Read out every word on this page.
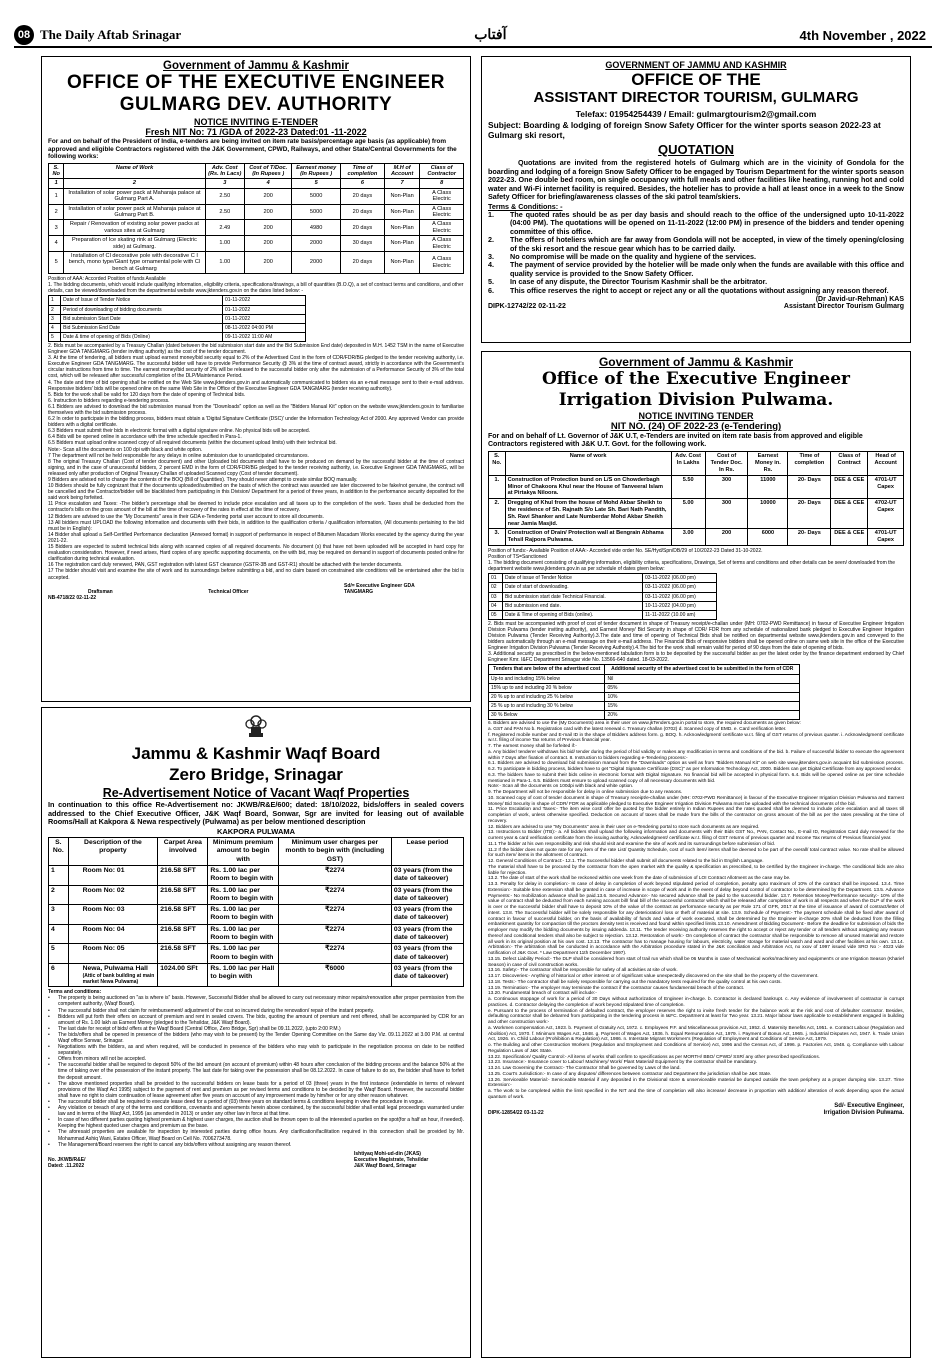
08 The Daily Aftab Srinagar	آفتاب	4th November , 2022
Government of Jammu & Kashmir
OFFICE OF THE EXECUTIVE ENGINEER
GULMARG DEV. AUTHORITY
NOTICE INVITING E-TENDER
Fresh NIT No: 71 /GDA of 2022-23 Dated:01 -11-2022
For and on behalf of the President of India, e-tenders are being invited on item rate basis/percentage age basis (as applicable) from approved and eligible Contractors registered with the J&K Government, CPWD, Railways, and other State/Central Governments for the following works:
S. No	Name of Work	Adv. Cost (Rs. In Lacs)	Cost of T/Doc. (In Rupees )	Earnest money (In Rupees )	Time of completion	M.H of Account	Class of Contractor
1	2	3	4	5	6	7	8
1	Installation of solar power pack at Maharaja palace at Gulmarg Part A.	2.50	200	5000	20 days	Non-Plan	A Class Electric
2	Installation of solar power pack at Maharaja palace at Gulmarg Part B.	2.50	200	5000	20 days	Non-Plan	A Class Electric
3	Repair / Renovation of existing solar power packs at various sites at Gulmarg	2.49	200	4980	20 days	Non-Plan	A Class Electric
4	Preparation of Ice skating rink at Gulmarg (Electric side) at Gulmarg.	1.00	200	2000	30 days	Non-Plan	A Class Electric
5	Installation of Cl decorative pole with decorative C I bench, mono type/Giant type ornamental pole with Cl bench at Gulmarg	1.00	200	2000	20 days	Non-Plan	A Class Electric
Position of AAA: Accorded Position of funds Available
1. The bidding documents, which would include qualifying information, eligibility criteria, specifications/drawings, a bill of quantities (B.O.Q), a set of contract terms and conditions, and other details, can be viewed/downloaded from the departmental website www.jktenders.gov.in on the dates listed below: -
1	Date of Issue of Tender Notice	01-11-2022
2	Period of downloading of bidding documents	01-11-2022
3	Bid submission Start Date	01-11-2022
4	Bid Submission End Date	08-11-2022 04:00 PM
5	Date & time of opening of Bids (Online)	09-11-2022 11:00 AM
2. Bids must be accompanied by a Treasury Challan (dated between the bid submission start date and the Bid Submission End date) deposited in M.H. 1452 TSM in the name of Executive Engineer GDA TANGMARG (tender inviting authority) as the cost of the tender document.
3. At the time of tendering, all bidders must upload earnest money/bid security equal to 2% of the Advertised Cost in the form of CDR/FDR/BG pledged to the tender receiving authority, i.e. Executive Engineer GDA TANGMARG. The successful bidder will have to provide Performance Security @ 3% at the time of contract award, strictly in accordance with the Government's circular instructions from time to time. The earnest money/bid security of 2% will be released to the successful bidder only after the submission of a Performance Security of 3% of the total cost, which will be released after successful completion of the DLP/Maintenance Period.
4. The date and time of bid opening shall be notified on the Web Site www.jktenders.gov.in and automatically communicated to bidders via an e-mail message sent to their e-mail address. Responsive bidders' bids will be opened online on the same Web Site in the Office of the Executive Engineer GDA TANGMARG (tender receiving authority).
5. Bids for the work shall be valid for 120 days from the date of opening of Technical bids.
6. Instruction to bidders regarding e-tendering process.
6.1 Bidders are advised to download the bid submission manual from the "Downloads" option as well as the "Bidders Manual Kit" option on the website www.jktenders.gov.in to familiarise themselves with the bid submission process.
6.2 In order to participate in the bidding process, bidders must obtain a 'Digital Signature Certificate (DSC)' under the Information Technology Act of 2000. Any approved Vendor can provide bidders with a digital certificate.
6.3 Bidders must submit their bids in electronic format with a digital signature online. No physical bids will be accepted.
6.4 Bids will be opened online in accordance with the time schedule specified in Para-1.
6.5 Bidders must upload online scanned copy of all required documents (within the document upload limits) with their technical bid.
Note:- Scan all the documents on 100 dpi with black and white option.
7 The department will not be held responsible for any delays in online submission due to unanticipated circumstances.
8 The original Treasury Challan (Cost of tender document) and other Uploaded bid documents shall have to be produced on demand by the successful bidder at the time of contract signing, and in the case of unsuccessful bidders, 2 percent EMD in the form of CDR/FDR/BG pledged to the tender receiving authority, i.e. Executive Engineer GDA TANGMARG, will be released only after production of Original Treasury Challan of uploaded Scanned copy (Cost of tender document).
9 Bidders are advised not to change the contents of the BOQ (Bill of Quantities). They should never attempt to create similar BOQ manually.
10 Bidders should be fully cognizant that if the documents uploaded/submitted on the basis of which the contract was awarded are later discovered to be fake/not genuine, the contract will be cancelled and the Contractor/bidder will be blacklisted from participating in this Division/ Department for a period of three years, in addition to the performance security deposited for the said work being forfeited.
11 Price escalation and Taxes: -The bidder's percentage shall be deemed to include price escalation and all taxes up to the completion of the work. Taxes shall be deducted from the contractor's bills on the gross amount of the bill at the time of recovery of the rates in effect at the time of recovery.
12 Bidders are advised to use the "My Documents" area in their GDA e-Tendering portal user account to store all documents.
13 All bidders must UPLOAD the following information and documents with their bids, in addition to the qualification criteria / qualification information, (All documents pertaining to the bid must be in English):
14 Bidder shall upload a Self-Certified Performance declaration (Annexed format) in support of performance in respect of Bitumen Macadam Works executed by the agency during the year 2021-22.
15 Bidders are expected to submit technical bids along with scanned copies of all required documents. No document (s) that have not been uploaded will be accepted in hard copy for evaluation consideration. However, if need arises, Hard copies of any specific supporting documents, on the with bid, may be required on demand in support of documents posted online for clarification during technical evaluation.
16 The registration card duly renewed, PAN, GST registration with latest GST clearance (GSTR-3B and GST-R1) should be attached with the tender documents.
17 The bidder should visit and examine the site of work and its surroundings before submitting a bid, and no claim based on constrained site conditions will be entertained after the bid is accepted.
Draftsman	Technical Officer
Sd/= Executive Engineer GDA TANGMARG
NB-4718/22 02-11-22
GOVERNMENT OF JAMMU AND KASHMIR
OFFICE OF THE
ASSISTANT DIRECTOR TOURISM, GULMARG
Telefax: 01954254439 / Email: gulmargtourism2@gmail.com
Subject: Boarding & lodging of foreign Snow Safety Officer for the winter sports season 2022-23 at Gulmarg ski resort,
QUOTATION
Quotations are invited from the registered hotels of Gulmarg which are in the vicinity of Gondola for the boarding and lodging of a foreign Snow Safety Officer to be engaged by Tourism Department for the winter sports season 2022-23. One double bed room, on single occupancy with full meals and other facilities like heating, running hot and cold water and Wi-Fi internet facility is required. Besides, the hotelier has to provide a hall at least once in a week to the Snow Safety Officer for briefing/awareness classes of the ski patrol team/skiers.
Terms & Conditions: -
1.	The quoted rates should be as per day basis and should reach to the office of the undersigned upto 10-11-2022 (04:00 PM). The quotations will be opened on 11-11-2022 (12:00 PM) in presence of the bidders and tender opening committee of this office.
2.	The offers of hoteliers which are far away from Gondola will not be accepted, in view of the timely opening/closing of the ski resort and the rescue gear which has to be carried daily.
3.	No compromise will be made on the quality and hygiene of the services.
4.	The payment of service provided by the hotelier will be made only when the funds are available with this office and quality service is provided to the Snow Safety Officer.
5.	In case of any dispute, the Director Tourism Kashmir shall be the arbitrator.
6.	This office reserves the right to accept or reject any or all the quotations without assigning any reason thereof.
DIPK-12742/22 02-11-22
(Dr Javid-ur-Rehman) KAS
Assistant Director Tourism Gulmarg
Government of Jammu & Kashmir
Office of the Executive Engineer
Irrigation Division Pulwama.
NOTICE INVITING TENDER
NIT NO. (24) OF 2022-23 (e-Tendering)
For and on behalf of Lt. Governor of J&K U.T, e-Tenders are invited on item rate basis from approved and eligible Contractors registered with J&K U.T. Govt. for the following work.
S. No.	Name of work	Adv. Cost In Lakhs	Cost of Tender Doc. In Rs.	Earnest Money in. Rs.	Time of completion	Class of Contract	Head of Account
1.	Construction of Protection bund on L/S on Chowderbagh Minor of Chakoora Khul near the House of Tanveeral Islam at Pirtakya Niloora.	5.50	300	11000	20- Days	DEE & CEE	4701-UT Capex
2.	Dregging of Khul from the house of Mohd Akbar Sheikh to the residence of Sh. Rajnath S/o Late Sh. Bari Nath Pandith, Sh. Ravi Shanker and Late Numberdar Mohd Akbar Sheikh near Jamia Masjid.	5.00	300	10000	20- Days	DEE & CEE	4702-UT Capex
3.	Construction of Drain/ Protection wall at Bengrain Abhama Tehsil Rajpora Pulwama.	3.00	200	6000	20- Days	DEE & CEE	4701-UT Capex
Position of funds:- Available Position of AAA:- Accorded vide order No. SE/Hyd/Spn/DB/29 of 10/2022-23 Dated 31-10-2022.
Position of TS=Sanctioned
1. The bidding document consisting of qualifying information, eligibility criteria, specifications, Drawings, Set of terms and conditions and other details can be seen/ downloaded from the department website www.jktenders.gov.in as per schedule of dates given below:
01	Date of issue of Tender Notice	03-11-2022 (06.00 pm)
02	Date of start of downloading.	03-11-2022 (06.00 pm)
03	Bid submission start date Technical Financial.	03-11-2022 (06.00 pm)
04	Bid submission end date.	10-11-2022 (04.00 pm)
05	Date & Time of opening of Bids (online).	11-11-2022 (10.00 am)
2. Bids must be accompanied with proof of cost of tender document in shape of Treasury receipt/e-challan under (MH: 0702-PWD Remittance) in favour of Executive Engineer Irrigation Division Pulwama (tender inviting authority), and Earnest Money/ Bid Security in shape of CDR/ FDR from any schedule of nationalized bank pledged to Executive Engineer Irrigation Division Pulwama (Tender Receiving Authority).3.The date and time of opening of Technical Bids shall be notified on departmental website www.jktenders.gov.in and conveyed to the bidders automatically through an e-mail message on their e-mail address. The Financial Bids of responsive bidders shall be opened online on same web site in the office of the Executive Engineer Irrigation Division Pulwama (Tender Receiving Authority).4.The bid for the work shall remain valid for period of 90 days from the date of opening of bids.
3. Additional security as prescribed in the below-mentioned tabulation form is to be deposited by the successful bidder as per the latest order by the finance department endorsed by Chief Engineer Kmr. I&FC Department Srinagar vide No. 13566-640 dated. 18-03-2022.
Tenders that are below of the advertised cost	Additional security of the advertised cost to be submitted in the form of CDR
Up-to and including 15% below	Nil
15% up to and including 20 % below	05%
20 % up to and including 25 % below	10%
25 % up to and including 30 % below	15%
30 % Below	20%
6. Bidders are advised to use the (My Documents) area in their user on www.jkTenders.gov.in portal to store, the required documents as given below:
a. GST and PAN No b. Registration card with the latest renewal c. Treasury challan (0702) d. Scanned copy of EMD. e. Card verification letter.
f. Registered mobile number and E-mail ID in the shape of Bidders address form. g. BOQ. h. Acknowledgment/ certificate w.r.t. filing of GST returns of previous quarter. i. Acknowledgment/ certificate w.r.t. filing of income Tax returns of Previous financial year.
7. The earnest money shall be forfeited if:-
a. Any bidder/ tenderer withdraws his bid/ tender during the period of bid validity or makes any modification in terms and conditions of the bid. b. Failure of successful bidder to execute the agreement within 7 Days after fixation of contract. 8. Instruction to bidders regarding e-Tendering process:-
6.1. Bidders are advised to download bid submission manual from the "Downloads" option as well as from "Bidders Manual Kit" on web site www.jktenders.gov.in acquaint bid submission process. 6.2. To participate in bidding process, bidders have to get "Digital Signature Certificate (DSC)" as per Information Technology Act, 2000. Bidders can get Digital Certificate from any approved vendor.
6.3. The bidders have to submit their bids online in electronic format with Digital Signature. No financial bid will be accepted in physical form. 6.4. Bids will be opened online as per time schedule mentioned in Para-1. 6.5. Bidders must ensure to upload scanned copy of all necessary documents with bid.
Note:- Scan all the documents on 100dpi with black and white option.
9. The Department will not be responsible for delay in online submission due to any reasons.
10. Scanned copy of cost of tender document in shape of Treasury receipt/e-challan under (MH: 0702-PWD Remittance) in favour of the Executive Engineer Irrigation Division Pulwama and Earnest Money/ Bid Security in shape of CDR/ FDR as applicable pledged to Executive Engineer Irrigation Division Pulwama must be uploaded with the technical documents of the bid.
11. Price Escalation and Taxes:- The item wise cost/ offer be quoted by the bidder entirely in Indian Rupees and the rates quoted shall be deemed to include price escalation and all taxes till completion of work, unless otherwise specified. Deduction on account of taxes shall be made from the bills of the contractor on gross amount of the bill as per the rates prevailing at the time of recovery.
12. Bidders are advised to use "My Documents" area in their user on e-Tendering portal to store such documents as are required.
13. Instructions to Bidder (ITB):- a. All bidders shall upload the following information and documents with their Bids GST No., PAN, Contact No., E-mail ID, Registration Card duly renewed for the current year & card verification certificate from the issuing authority, Acknowledgment/ certificate w.r.t. filing of GST returns of previous quarter and Income Tax returns of Previous financial year.
11.1 The bidder at his own responsibility and risk should visit and examine the site of work and its surroundings before submission of bid.
11.2 If the bidder does not quote rate for any item of the rate List/ Quantity Schedule, cost of such item/ items shall be deemed to be part of the overall/ total contract value. No rate shall be allowed for such item/ items in the allotment of contract.
12. General Conditions of Contract:- 12.1. The Successful bidder shall submit all documents related to the bid in English Language.
The material shall have to be procured by the contractor from the open market with the quality & specification as prescribed, to be certified by the Engineer in-charge. The conditional bids are also liable for rejection.
13.2. The date of start of the work shall be reckoned within one week from the date of submission of LOI Contract Allotment as the case may be.
13.3. Penalty for delay in completion:- In case of delay in completion of work beyond stipulated period of completion, penalty upto maximum of 10% of the contract shall be imposed. 13.4. Time Extension:- Suitable time extension shall be granted in case of increase in scope of work and in the event of delay beyond control of contractor to be determined by the Department. 13.5. Advance Payments:- No mobilization advance shall be paid.13.6. Secured Advance:- No secured advance shall be paid to the successful bidder. 13.7. Retention Money/Performance security:- 10% of the value of contract shall be deducted from each running account bill/ final bill of the successful contractor which shall be released after completion of work in all respects and when the DLP of the work is over or the successful bidder shall have to deposit 10% of the value of the contract as performance security as per Rule 171 of GFR, 2017 at the time of issuance of award of contract/letter of intent. 13.8. The Successful bidder will be solely responsible for any deterioration/ loss or theft of material at site. 13.9. Schedule of Payment:- The payment schedule shall be fixed after award of contract in favour of successful bidder, on the basis of availability of funds and value of work executed, shall be determined by the Engineer in-charge 20% shall be deducted from the filling embankment quantity for compaction till the proctors density test is received and found within specified limits.13.10. Amendment of Bidding Document:- Before the deadline for submission of bids the employer may modify the bidding documents by issuing addenda. 13.11. The tender receiving authority reserves the right to accept or reject any tender or all tenders without assigning any reason thereof and conditional tenders shall also be subject to rejection. 13.12. Restoration of work:- On completion of contract the contractor shall be responsible to remove all unused material and restore all work in its original position at his own cost. 13.13. The contractor has to manage housing for labours, electricity, water storage for material watch and ward and other facilities at his own. 13.14. Arbitration:- The arbitration shall be conducted in accordance with the Arbitration procedure stated in the J&K conciliation and Arbitration Act, no xxxv of 1997 issued vide SRO No :- 4023 vide notification of J&K Govt. * Law Department 11th December 1997).
13.15. Defect Liability Period:- The DLP shall be considered from start of trail run which shall be 06 Months in case of Mechanical works/machinery and equipment's or one Irrigation Season (Kharief Season) in case of civil construction works.
13.16. Safety:- The contractor shall be responsible for safety of all activities at site of work.
13.17. Discoveries:- Anything of historical or other interest or of significant value unexpectedly discovered on the site shall be the property of the Government.
13.18. Tests:- The contractor shall be solely responsible for carrying out the mandatory tests required for the quality control at his own costs.
13.19. Termination:- The employer may terminate the contract if the contractor causes fundamental breach of the contract.
13.20. Fundamental breach of contract will include:-
a. Continuous stoppage of work for a period of 30 Days without authorization of Engineer in-charge. b. Contractor is declared bankrupt. c. Any evidence of involvement of contractor in corrupt practices. d. Contractor delaying the completion of work beyond stipulated time of completion.
e. Pursuant to the process of termination of defaulted contract, the employer reserves the right to invite fresh tender for the balance work at the risk and cost of defaulter contractor. Besides, defaulting contractor shall be debarred from participating in the tendering process in I&FC. Department at least for Two year. 13.21. Major labour laws applicable to establishment engaged in building and other construction work:-
a. Workmen compensation Act, 1923. b. Payment of Gratuity Act, 1972. c. Employees P.F. and Miscellaneous provision Act, 1952. d. Maternity Benefits Act, 1951. e. Contract Labour (Regulation and Abolition) Act, 1970. f. Minimum Wages Act, 1948. g. Payment of Wages Act, 1936. h. Equal Remuneration Act, 1979. i. Payment of Bonus Act, 1965. j. Industrial Disputes Act, 1947. k. Trade Union Act, 1926. m. Child Labour (Prohibition & Regulation) Act, 1986. n. Interstate Migrant Workmen's (Regulation of Employment and Conditions of Service Act, 1979.
o. The Building and other Construction Workers (Regulation and Employment and Conditions of Service) Act, 1996 and the Census Act, of 1996. p. Factories Act, 1948. q. Compliance with Labour Regulation Laws of J&K State.
13.22. Specification/ Quality Control:- All items of works shall confirm to specifications as per MORTH/ BBO/ CPWD/ SSR/ any other prescribed specifications.
13.23. Insurance:- Insurance cover to Labour/ Machinery/ Work/ Plant Material/ Equipment by the contractor shall be mandatory.
13.24. Law Governing the Contract:- The Contractor Shall be governed by Laws of the land.
13.25. Court's Jurisdiction:- In case of any disputes/ differences between contractor and Department the jurisdiction shall be J&K State.
13.26. Serviceable Material:- Serviceable Material if any deposited in the Divisional store & unserviceable material be dumped outside the town periphery at a proper dumping site. 13.27. Time Extension:-
a. The work to be completed within the limit specified in the NIT and the time of completion will also increase/ decrease in proportion with addition/ alteration of work depending upon the actual quantum of work.
DIPK-12854/22 03-11-22
Sd/- Executive Engineer,
Irrigation Division Pulwama.
Jammu & Kashmir Waqf Board
Zero Bridge, Srinagar
Re-Advertisement Notice of Vacant Waqf Properties
In continuation to this office Re-Advertisement no: JKWB/R&E/600; dated: 18/10/2022, bids/offers in sealed covers addressed to the Chief Executive Officer, J&K Waqf Board, Sonwar, Sgr are invited for leasing out of available Rooms/Hall at Kakpora & Newa respectively (Pulwama) as per below mentioned description
KAKPORA PULWAMA
S. No.	Description of the property	Carpet Area involved	Minimum premium amount to begin with	Minimum user charges per month to begin with (including GST)	Lease period
1	Room No: 01	216.58 SFT	Rs. 1.00 lac per Room to begin with	₹2274	03 years (from the date of takeover)
2	Room No: 02	216.58 SFT	Rs. 1.00 lac per Room to begin with	₹2274	03 years (from the date of takeover)
3	Room No: 03	216.58 SFT	Rs. 1.00 lac per Room to begin with	₹2274	03 years (from the date of takeover)
4	Room No: 04	216.58 SFT	Rs. 1.00 lac per Room to begin with	₹2274	03 years (from the date of takeover)
5	Room No: 05	216.58 SFT	Rs. 1.00 lac per Room to begin with	₹2274	03 years (from the date of takeover)
6	Newa, Pulwama Hall
(Attic of bank building at main market Newa Pulwama)	1024.00 SFt	Rs. 1.00 lac per Hall to begin with	₹6000	03 years (from the date of takeover)
Terms and conditions:
•	The property is being auctioned on "as is where is" basis. However, Successful Bidder shall be allowed to carry out necessary minor repairs/renovation after proper permission from the competent authority, (Waqf Board).
•	The successful bidder shall not claim for reimbursement/ adjustment of the cost so incurred during the renovation/ repair of the instant property.
•	Bidders will put forth their offers on account of premium and rent in sealed covers. The bids, quoting the amount of premium and rent offered, shall be accompanied by CDR for an amount of Rs. 1.00 lakh as Earnest Money (pledged to the Tehsildar, J&K Waqf Board).
•	The last date for receipt of bids/ offers at the Waqf Board (Central Office, Zero Bridge, Sgr) shall be 09.11.2022, (upto 2:00 P.M.)
•	The bids/offers shall be opened in presence of the bidders (who may wish to be present) by the Tender Opening Committee on the Same day Viz. 09.11.2022 at 3.00 P.M. at central Waqf office Sonwar, Srinagar.
•	Negotiations with the bidders, as and when required, will be conducted in presence of the bidders who may wish to participate in the negotiation process on date to be notified separately.
•	Offers from minors will not be accepted.
•	The successful bidder shall be required to deposit 50% of the bid amount (on account of premium) within 48 hours after conclusion of the bidding process and the balance 50% at the time of taking over of the possession of the instant property. The last date for taking over the possession shall be 08.12.2022. In case of failure to do so, the bidder shall have to forfeit the deposit amount.
•	The above mentioned properties shall be provided to the successful bidders on lease basis for a period of 03 (three) years in the first instance (extendable in terms of relevant provisions of the Waqf Act 1995) subject to the payment of rent and premium as per revised terms and conditions to be decided by the Waqf Board. However, the successful bidder shall have no right to claim continuation of lease agreement after five years on account of any improvement made by him/her or for any other reason whatever.
•	The successful bidder shall be required to execute lease deed for a period of (03) three years on standard terms & conditions keeping in view the procedure in vogue.
•	Any violation or breach of any of the terms and conditions, covenants and agreements herein above contained, by the successful bidder shall entail legal proceedings warranted under law and in terms of the Waqf Act, 1995 (as amended in 2013) or under any other law in force at that time.
•	In case of two different parties quoting highest premium & highest user charges, the auction shall be thrown open to all the interested a parties on the spot(for a half an hour, if needed). Keeping the highest quoted user charges and premium as the base.
•	The aforesaid properties are available for inspection by interested parties during office hours. Any clarification/facilitation required in this connection shall be provided by Mr. Mohammad Ashiq Wani, Estates Officer, Waqf Board on Cell No. 7006273478.
•	The Management/Board reserves the right to cancel any bids/offers without assigning any reason thereof.
No. JKWB/R&E/
Dated: .11.2022
Ishtiyaq Mohi-ud-din (JKAS)
Executive Magistrate, Tehsildar
J&K Waqf Board, Srinagar
